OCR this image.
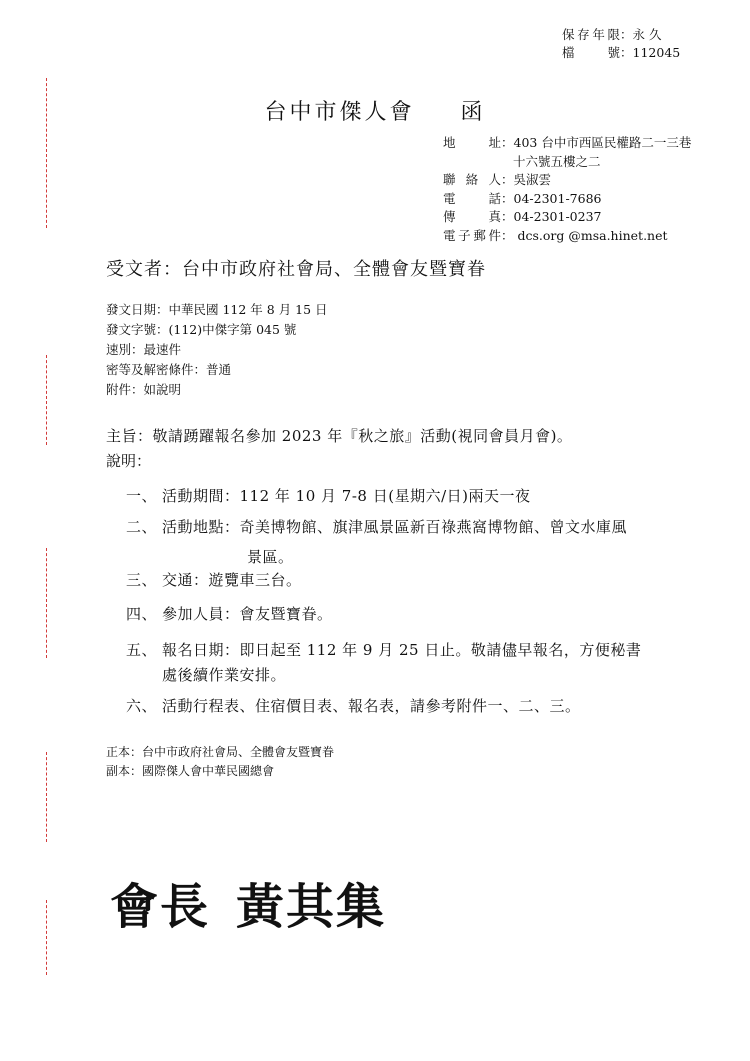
保存年限：永 久
檔 號：112045
台中市傑人會 函
地 址：403 台中市西區民權路二一三巷
十六號五樓之二
聯 絡 人：吳淑雲
電 話：04-2301-7686
傳 真：04-2301-0237
電子郵件： dcs.org @msa.hinet.net
受文者：台中市政府社會局、全體會友暨寶眷
發文日期：中華民國 112 年 8 月 15 日
發文字號：(112)中傑字第 045 號
速別：最速件
密等及解密條件：普通
附件：如說明
主旨：敬請踴躍報名參加 2023 年『秋之旅』活動(視同會員月會)。
說明：
一、 活動期間：112 年 10 月 7-8 日(星期六/日)兩天一夜
二、 活動地點：奇美博物館、旗津風景區新百祿燕窩博物館、曾文水庫風
景區。
三、 交通：遊覽車三台。
四、 參加人員：會友暨寶眷。
五、 報名日期：即日起至 112 年 9 月 25 日止。敬請儘早報名，方便秘書
處後續作業安排。
六、 活動行程表、住宿價目表、報名表，請參考附件一、二、三。
正本：台中市政府社會局、全體會友暨寶眷
副本：國際傑人會中華民國總會
會長 黃其集
